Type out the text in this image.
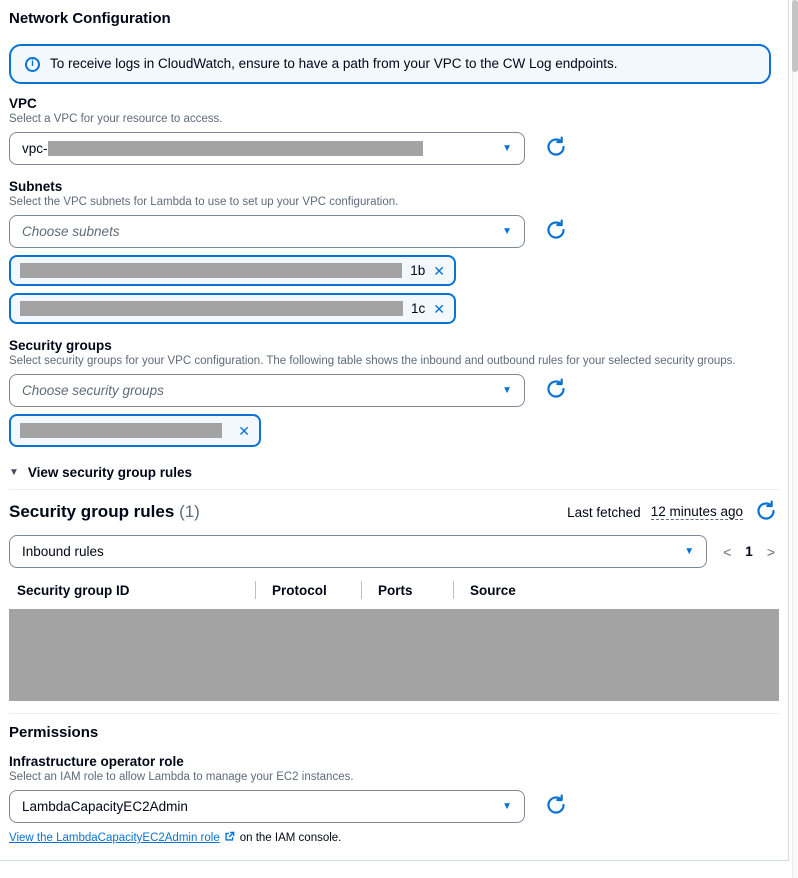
Network Configuration
i	To receive logs in CloudWatch, ensure to have a path from your VPC to the CW Log endpoints.
VPC
Select a VPC for your resource to access.
vpc-	▼
Subnets
Select the VPC subnets for Lambda to use to set up your VPC configuration.
Choose subnets	▼
1b ✕
1c ✕
Security groups
Select security groups for your VPC configuration. The following table shows the inbound and outbound rules for your selected security groups.
Choose security groups	▼
✕
▼ View security group rules
Security group rules (1)	Last fetched 12 minutes ago
Inbound rules	▼ < 1 >
Security group ID	Protocol	Ports	Source
Permissions
Infrastructure operator role
Select an IAM role to allow Lambda to manage your EC2 instances.
LambdaCapacityEC2Admin	▼
View the LambdaCapacityEC2Admin role on the IAM console.
